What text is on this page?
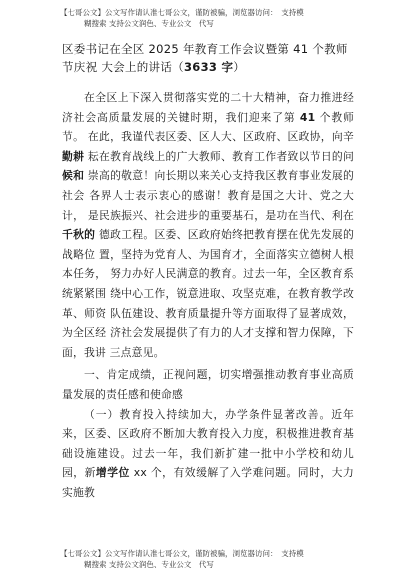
【七哥公文】公文写作请认准七哥公文，谨防被骗，浏览器访问：　支持模
糊搜索 支持公文润色、专业公文　代写
区委书记在全区 2025 年教育工作会议暨第 41 个教师节庆祝 大会上的讲话（3633 字）

在全区上下深入贯彻落实党的二十大精神，奋力推进经济社会高质量发展的关键时期，我们迎来了第 41 个教师节。 在此，我谨代表区委、区人大、区政府、区政协，向辛勤耕 耘在教育战线上的广大教师、教育工作者致以节日的问候和 崇高的敬意！向长期以来关心支持我区教育事业发展的社会 各界人士表示衷心的感谢！教育是国之大计、党之大计， 是民族振兴、社会进步的重要基石，是功在当代、利在千秋的 德政工程。区委、区政府始终把教育摆在优先发展的战略位 置，坚持为党育人、为国育才，全面落实立德树人根本任务， 努力办好人民满意的教育。过去一年，全区教育系统紧紧围 绕中心工作，锐意进取、攻坚克难，在教育教学改革、师资 队伍建设、教育质量提升等方面取得了显著成效，为全区经 济社会发展提供了有力的人才支撑和智力保障，下面，我讲 三点意见。

一、肯定成绩，正视问题，切实增强推动教育事业高质量发展的责任感和使命感

（一）教育投入持续加大，办学条件显著改善。近年来，区委、区政府不断加大教育投入力度，积极推进教育基础设施建设。过去一年，我们新扩建一批中小学校和幼儿园，新增学位 xx 个，有效缓解了入学难问题。同时，大力实施教

【七哥公文】公文写作请认准七哥公文，谨防被骗，浏览器访问：　支持模
糊搜索 支持公文润色、专业公文　代写
